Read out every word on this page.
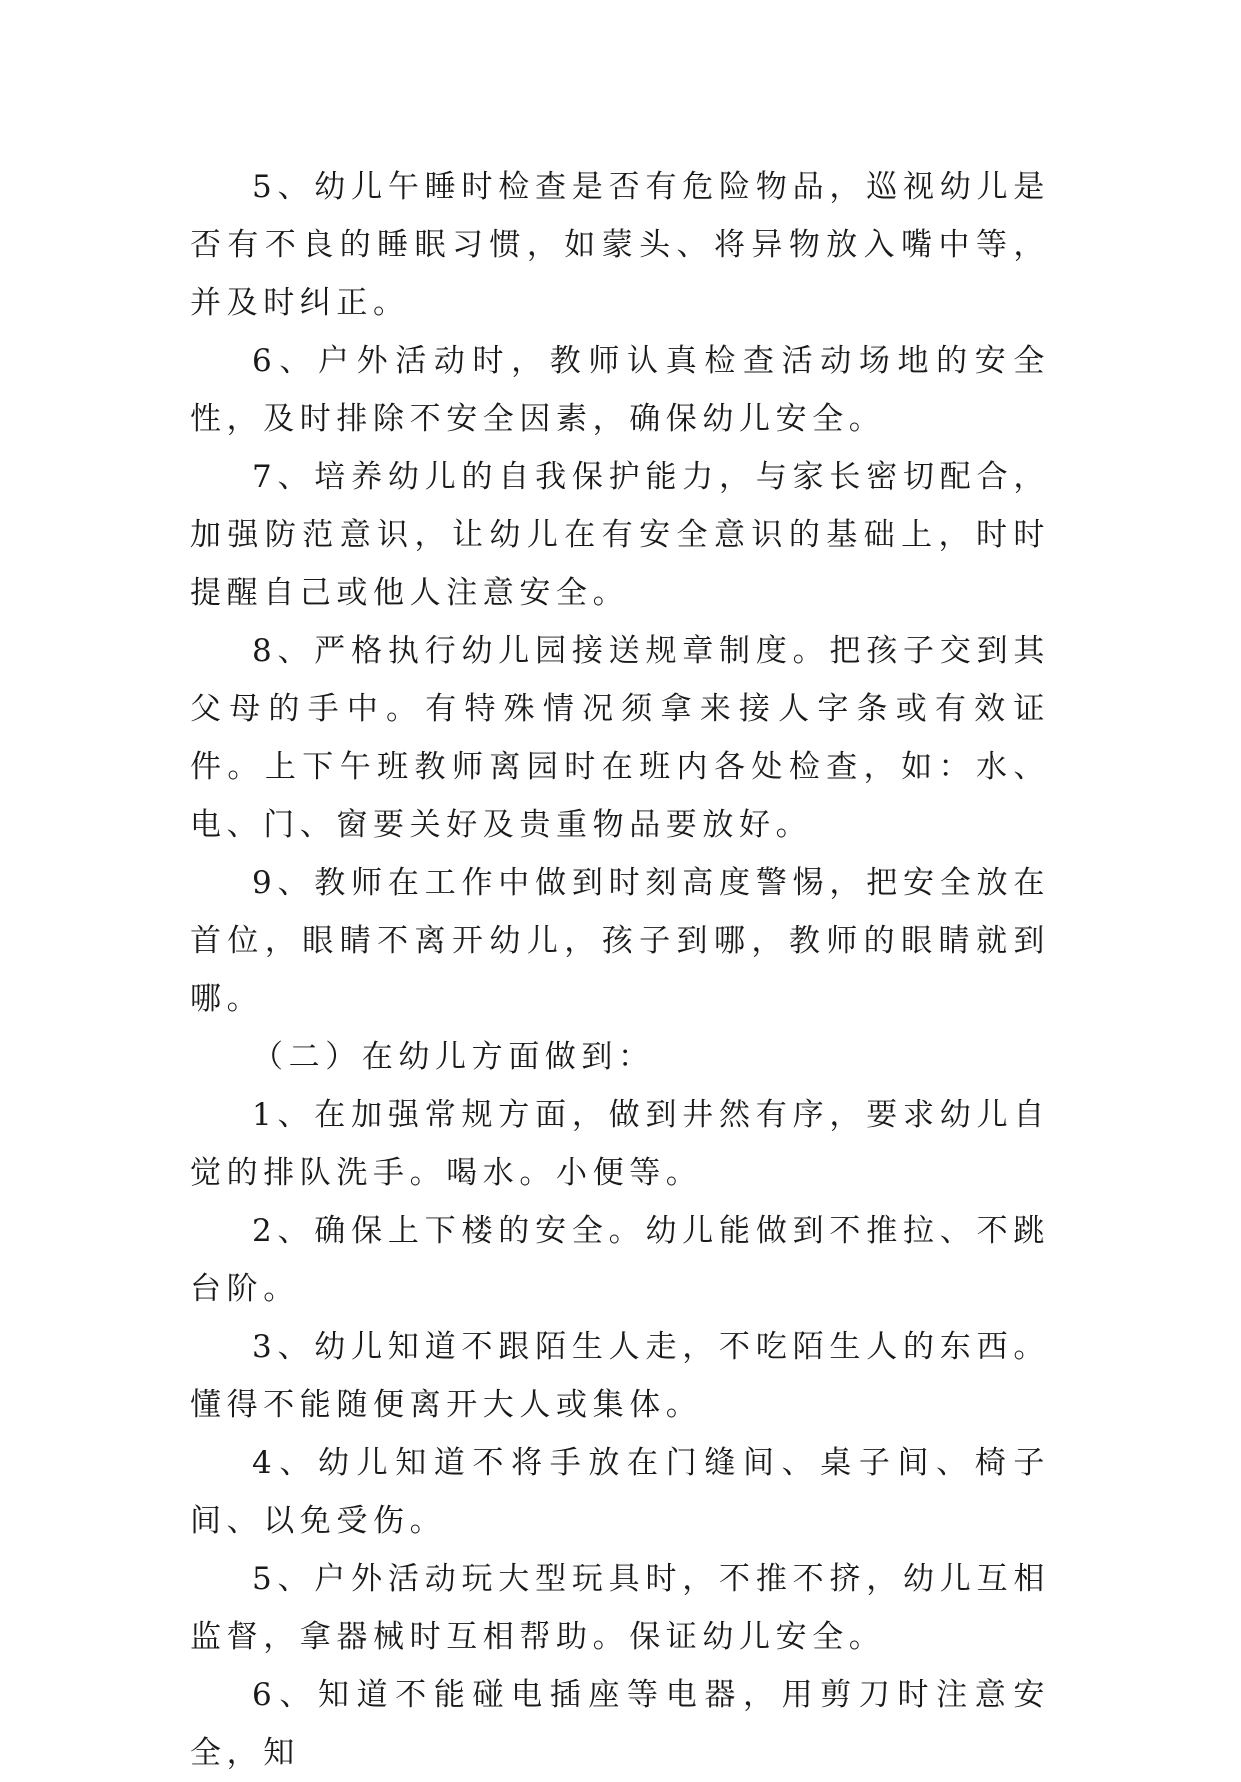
5、幼儿午睡时检查是否有危险物品，巡视幼儿是否有不良的睡眠习惯，如蒙头、将异物放入嘴中等，并及时纠正。

6、户外活动时，教师认真检查活动场地的安全性，及时排除不安全因素，确保幼儿安全。

7、培养幼儿的自我保护能力，与家长密切配合，加强防范意识，让幼儿在有安全意识的基础上，时时提醒自己或他人注意安全。

8、严格执行幼儿园接送规章制度。把孩子交到其父母的手中。有特殊情况须拿来接人字条或有效证件。上下午班教师离园时在班内各处检查，如：水、电、门、窗要关好及贵重物品要放好。

9、教师在工作中做到时刻高度警惕，把安全放在首位，眼睛不离开幼儿，孩子到哪，教师的眼睛就到哪。

（二）在幼儿方面做到：

1、在加强常规方面，做到井然有序，要求幼儿自觉的排队洗手。喝水。小便等。

2、确保上下楼的安全。幼儿能做到不推拉、不跳台阶。

3、幼儿知道不跟陌生人走，不吃陌生人的东西。懂得不能随便离开大人或集体。

4、幼儿知道不将手放在门缝间、桌子间、椅子间、以免受伤。

5、户外活动玩大型玩具时，不推不挤，幼儿互相监督，拿器械时互相帮助。保证幼儿安全。

6、知道不能碰电插座等电器，用剪刀时注意安全，知
